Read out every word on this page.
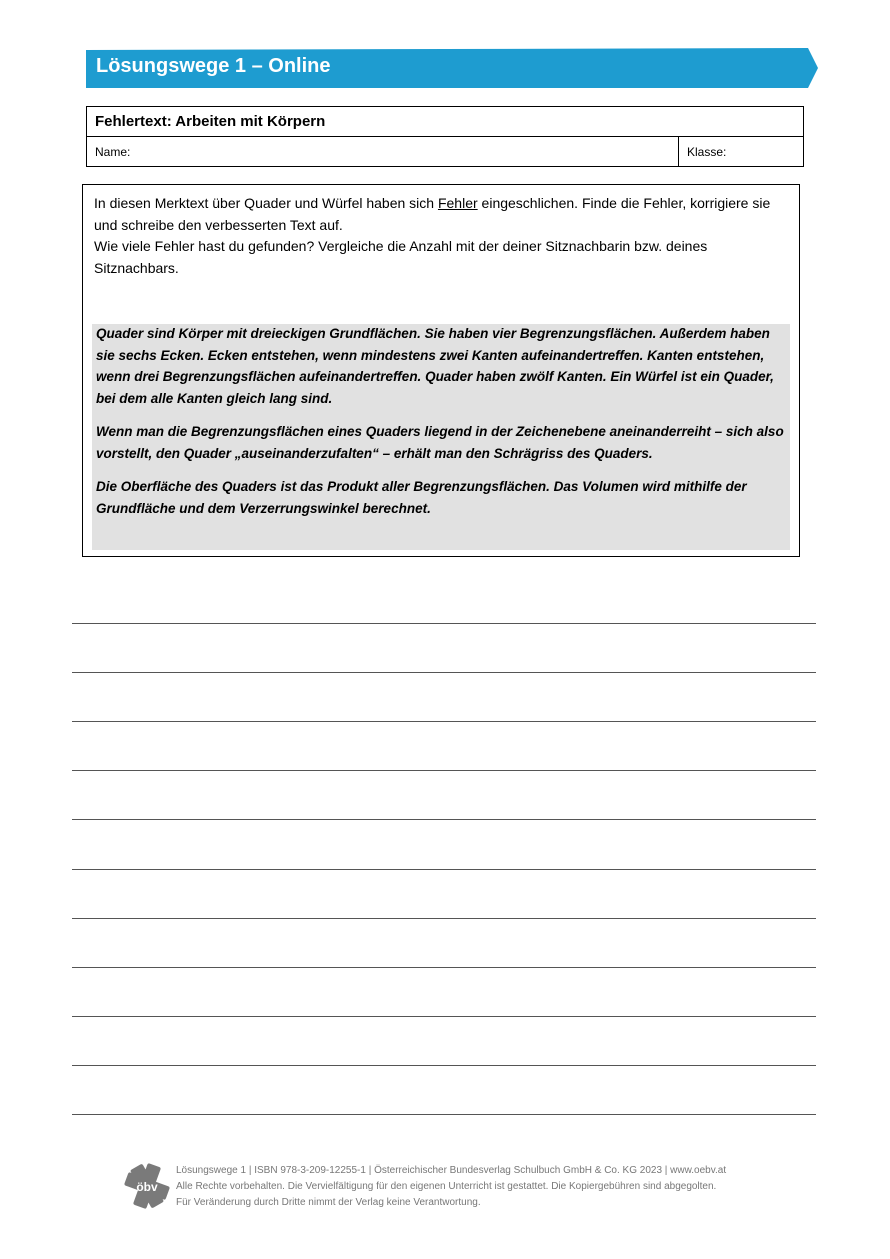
Lösungswege 1 – Online
Fehlertext: Arbeiten mit Körpern
Name:	Klasse:

In diesen Merktext über Quader und Würfel haben sich Fehler eingeschlichen. Finde die Fehler, korrigiere sie und schreibe den verbesserten Text auf.

Wie viele Fehler hast du gefunden? Vergleiche die Anzahl mit der deiner Sitznachbarin bzw. deines Sitznachbars.

Quader sind Körper mit dreieckigen Grundflächen. Sie haben vier Begrenzungsflächen. Außerdem haben sie sechs Ecken. Ecken entstehen, wenn mindestens zwei Kanten aufeinandertreffen. Kanten entstehen, wenn drei Begrenzungsflächen aufeinandertreffen. Quader haben zwölf Kanten. Ein Würfel ist ein Quader, bei dem alle Kanten gleich lang sind.

Wenn man die Begrenzungsflächen eines Quaders liegend in der Zeichenebene aneinanderreiht – sich also vorstellt, den Quader „auseinanderzufalten“ – erhält man den Schrägriss des Quaders.

Die Oberfläche des Quaders ist das Produkt aller Begrenzungsflächen. Das Volumen wird mithilfe der Grundfläche und dem Verzerrungswinkel berechnet.

öbv
Lösungswege 1 | ISBN 978-3-209-12255-1 | Österreichischer Bundesverlag Schulbuch GmbH & Co. KG 2023 | www.oebv.at
Alle Rechte vorbehalten. Die Vervielfältigung für den eigenen Unterricht ist gestattet. Die Kopiergebühren sind abgegolten.
Für Veränderung durch Dritte nimmt der Verlag keine Verantwortung.
